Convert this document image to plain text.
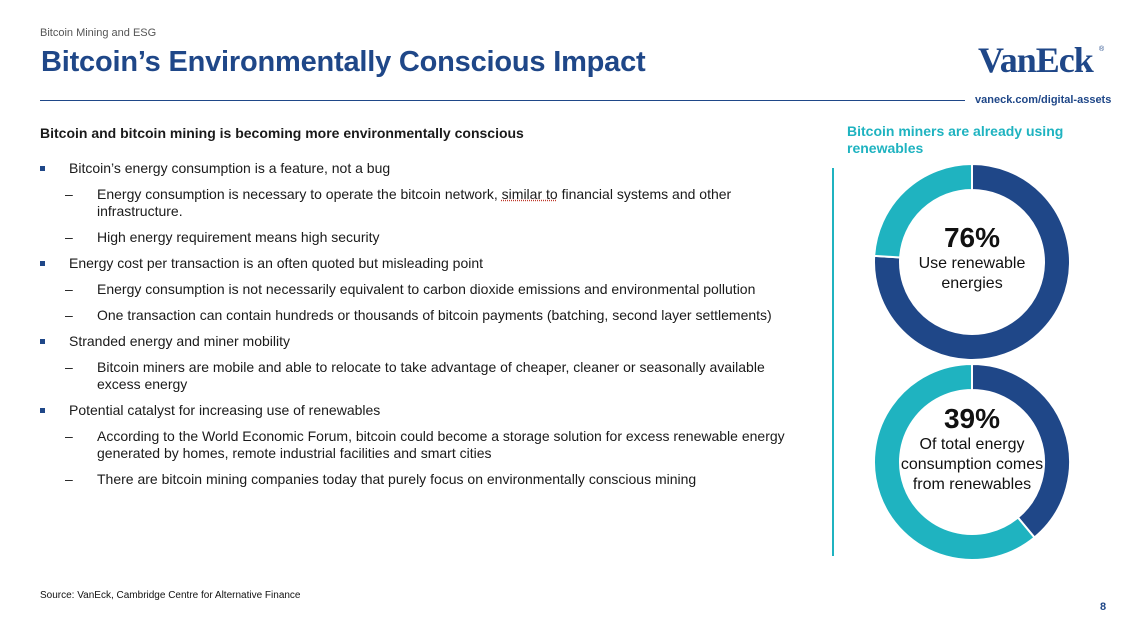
Bitcoin Mining and ESG
Bitcoin’s Environmentally Conscious Impact	VanEck ®
vaneck.com/digital-assets
Bitcoin and bitcoin mining is becoming more environmentally conscious
Bitcoin’s energy consumption is a feature, not a bug
– Energy consumption is necessary to operate the bitcoin network, similar to financial systems and other infrastructure.
– High energy requirement means high security
Energy cost per transaction is an often quoted but misleading point
– Energy consumption is not necessarily equivalent to carbon dioxide emissions and environmental pollution
– One transaction can contain hundreds or thousands of bitcoin payments (batching, second layer settlements)
Stranded energy and miner mobility
– Bitcoin miners are mobile and able to relocate to take advantage of cheaper, cleaner or seasonally available excess energy
Potential catalyst for increasing use of renewables
– According to the World Economic Forum, bitcoin could become a storage solution for excess renewable energy generated by homes, remote industrial facilities and smart cities
– There are bitcoin mining companies today that purely focus on environmentally conscious mining
Bitcoin miners are already using renewables
76%
Use renewable energies
39%
Of total energy consumption comes from renewables
Source: VanEck, Cambridge Centre for Alternative Finance
8
